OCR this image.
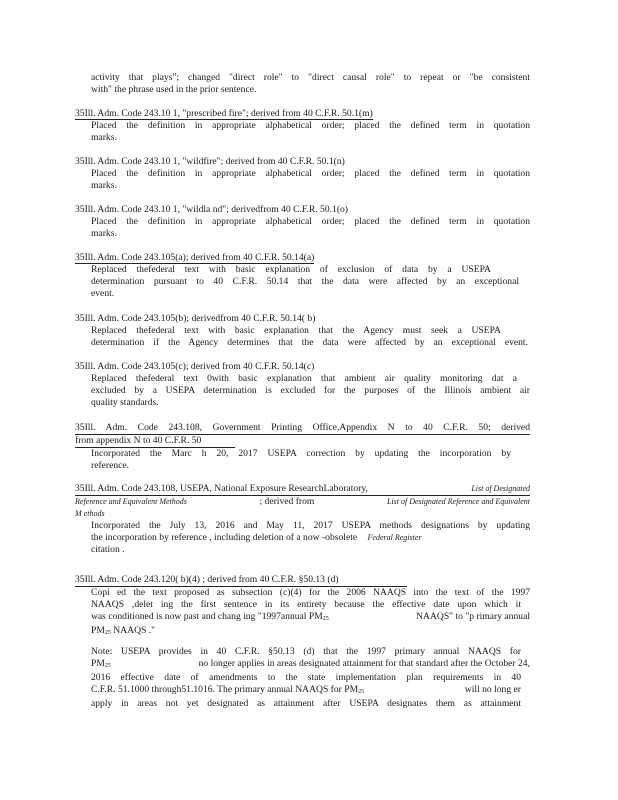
activity that plays"; changed "direct role" to "direct causal role" to repeat or "be consistent
with" the phrase used in the prior sentence.
35Ill. Adm. Code 243.10 1, "prescribed fire"; derived from 40 C.F.R. 50.1(m)
Placed the definition in appropriate alphabetical order; placed the defined term in quotation
marks.
35Ill. Adm. Code 243.10 1, "wildfire"; derived from 40 C.F.R. 50.1(n)
Placed the definition in appropriate alphabetical order; placed the defined term in quotation
marks.
35Ill. Adm. Code 243.10 1, "wildla nd"; derivedfrom 40 C.F.R. 50.1(o)
Placed the definition in appropriate alphabetical order; placed the defined term in quotation
marks.
35Ill. Adm. Code 243.105(a); derived from 40 C.F.R. 50.14(a)
Replaced thefederal text with basic explanation of exclusion of data by a USEPA
determination pursuant to 40 C.F.R. 50.14 that the data were affected by an exceptional
event.
35Ill. Adm. Code 243.105(b); derivedfrom 40 C.F.R. 50.14( b)
Replaced thefederal text with basic explanation that the Agency must seek a USEPA
determination if the Agency determines that the data were affected by an exceptional event.
35Ill. Adm. Code 243.105(c); derived from 40 C.F.R. 50.14(c)
Replaced thefederal text 0with basic explanation that ambient air quality monitoring dat a
excluded by a USEPA determination is excluded for the purposes of the Illinois ambient air
quality standards.
35Ill. Adm. Code 243.108, Government Printing Office,Appendix N to 40 C.F.R. 50; derived
from appendix N to 40 C.F.R. 50
Incorporated the Marc h 20, 2017 USEPA correction by updating the incorporation by
reference.
35Ill. Adm. Code 243.108, USEPA, National Exposure ResearchLaboratory,	List of Designated
Reference and Equivalent Methods	; derived from	List of Designated Reference and Equivalent
M ethods
Incorporated the July 13, 2016 and May 11, 2017 USEPA methods designations by updating
the incorporation by reference , including deletion of a now -obsolete Federal Register
citation .
35Ill. Adm. Code 243.120( b)(4) ; derived from 40 C.F.R. §50.13 (d)
Copi ed the text proposed as subsection (c)(4) for the 2006 NAAQS into the text of the 1997
NAAQS ,delet ing the first sentence in its entirety because the effective date upon which it
was conditioned is now past and chang ing "1997annual PM25	NAAQS" to "p rimary annual
PM25 NAAQS ."
Note: USEPA provides in 40 C.F.R. §50.13 (d) that the 1997 primary annual NAAQS for
PM25	no longer applies in areas designated attainment for that standard after the October 24,
2016 effective date of amendments to the state implementation plan requirements in 40
C.F.R. 51.1000 through51.1016. The primary annual NAAQS for PM25	will no long er
apply in areas not yet designated as attainment after USEPA designates them as attainment
